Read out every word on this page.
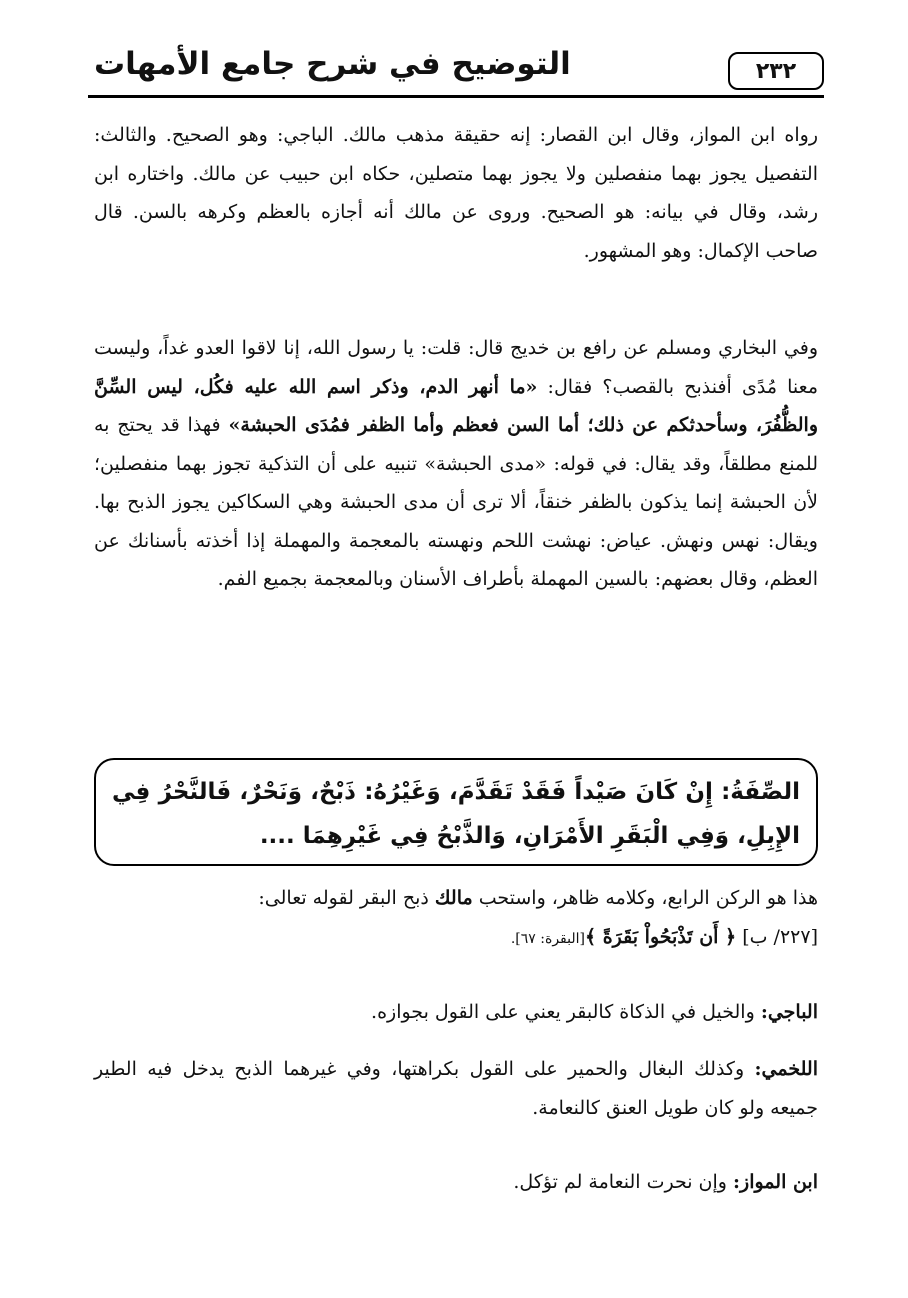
٢٣٢
التوضيح في شرح جامع الأمهات

رواه ابن المواز، وقال ابن القصار: إنه حقيقة مذهب مالك. الباجي: وهو الصحيح. والثالث: التفصيل يجوز بهما منفصلين ولا يجوز بهما متصلين، حكاه ابن حبيب عن مالك. واختاره ابن رشد، وقال في بيانه: هو الصحيح. وروى عن مالك أنه أجازه بالعظم وكرهه بالسن. قال صاحب الإكمال: وهو المشهور.

وفي البخاري ومسلم عن رافع بن خديج قال: قلت: يا رسول الله، إنا لاقوا العدو غداً، وليست معنا مُدًى أفنذبح بالقصب؟ فقال: «ما أنهر الدم، وذكر اسم الله عليه فكُل، ليس السِّنَّ والظُّفُرَ، وسأحدثكم عن ذلك؛ أما السن فعظم وأما الظفر فمُدَى الحبشة» فهذا قد يحتج به للمنع مطلقاً، وقد يقال: في قوله: «مدى الحبشة» تنبيه على أن التذكية تجوز بهما منفصلين؛ لأن الحبشة إنما يذكون بالظفر خنقاً، ألا ترى أن مدى الحبشة وهي السكاكين يجوز الذبح بها. ويقال: نهس ونهش. عياض: نهشت اللحم ونهسته بالمعجمة والمهملة إذا أخذته بأسنانك عن العظم، وقال بعضهم: بالسين المهملة بأطراف الأسنان وبالمعجمة بجميع الفم.

الصِّفَةُ: إِنْ كَانَ صَيْداً فَقَدْ تَقَدَّمَ، وَغَيْرُهُ: ذَبْحٌ، وَنَحْرٌ، فَالنَّحْرُ فِي الإِبِلِ، وَفِي الْبَقَرِ الأَمْرَانِ، وَالذَّبْحُ فِي غَيْرِهِمَا ....

هذا هو الركن الرابع، وكلامه ظاهر، واستحب مالك ذبح البقر لقوله تعالى:

[٢٢٧/ ب] ﴿ أَن تَذْبَحُواْ بَقَرَةً ﴾[البقرة: ٦٧].

الباجي: والخيل في الذكاة كالبقر يعني على القول بجوازه.

اللخمي: وكذلك البغال والحمير على القول بكراهتها، وفي غيرهما الذبح يدخل فيه الطير جميعه ولو كان طويل العنق كالنعامة.

ابن المواز: وإن نحرت النعامة لم تؤكل.
